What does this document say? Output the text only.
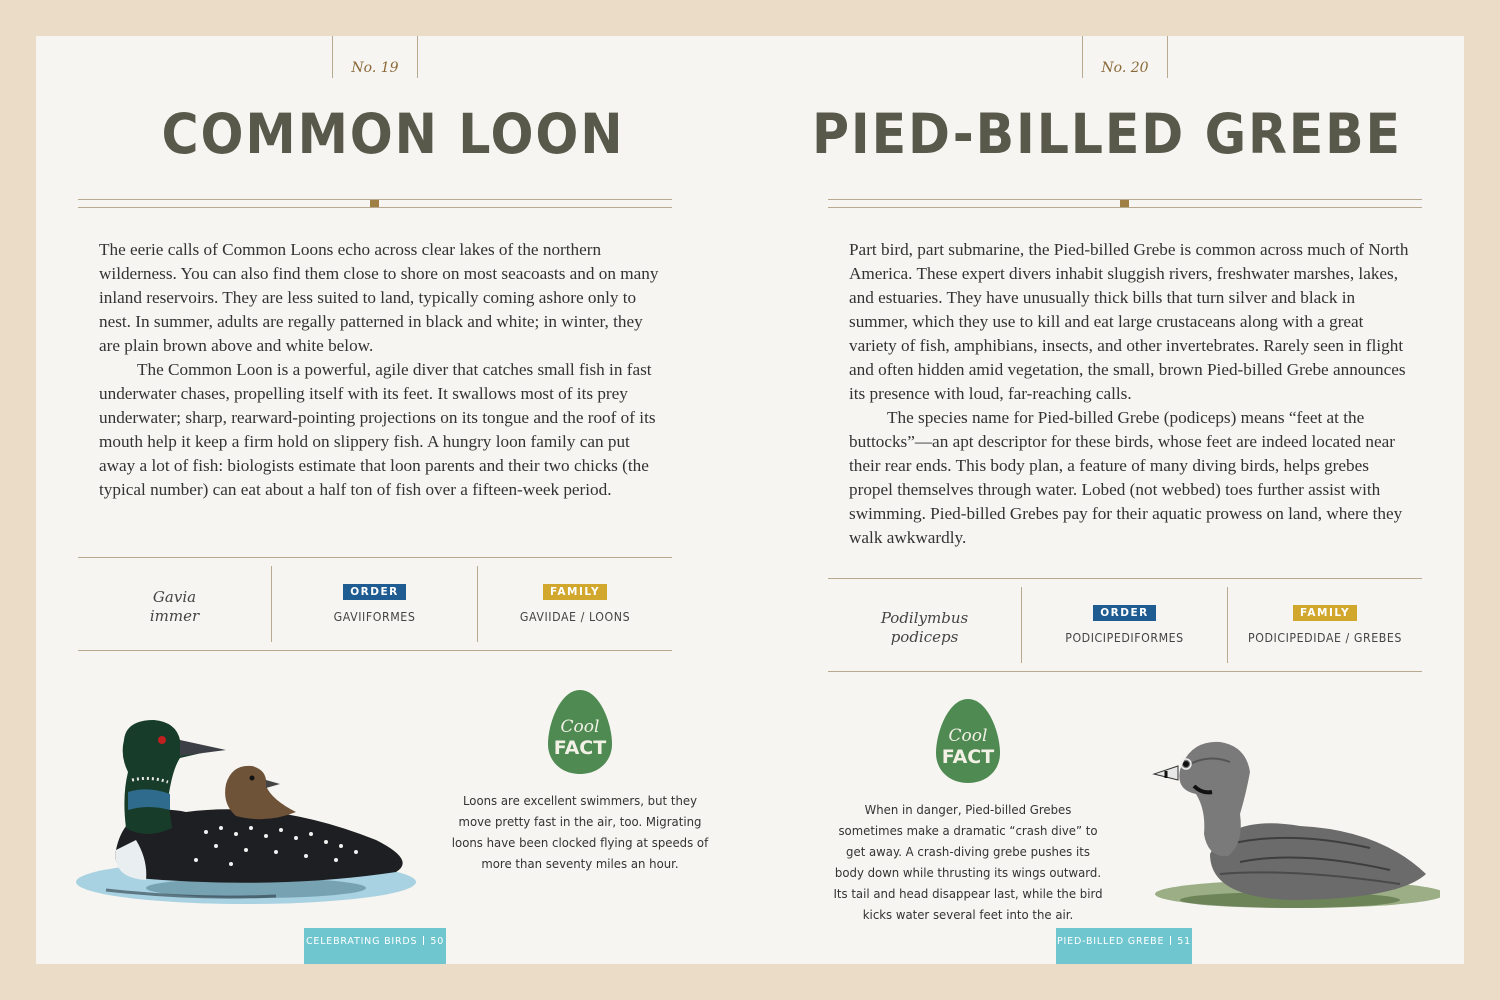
No. 19
COMMON LOON

The eerie calls of Common Loons echo across clear lakes of the northern wilderness. You can also find them close to shore on most seacoasts and on many inland reservoirs. They are less suited to land, typically coming ashore only to nest. In summer, adults are regally patterned in black and white; in winter, they are plain brown above and white below.

The Common Loon is a powerful, agile diver that catches small fish in fast underwater chases, propelling itself with its feet. It swallows most of its prey underwater; sharp, rearward-pointing projections on its tongue and the roof of its mouth help it keep a firm hold on slippery fish. A hungry loon family can put away a lot of fish: biologists estimate that loon parents and their two chicks (the typical number) can eat about a half ton of fish over a fifteen-week period.

Gavia
immer
ORDER
GAVIIFORMES
FAMILY
GAVIIDAE / LOONS
Cool
FACT
Loons are excellent swimmers, but they move pretty fast in the air, too. Migrating loons have been clocked flying at speeds of more than seventy miles an hour.
CELEBRATING BIRDS 50
No. 20
PIED-BILLED GREBE

Part bird, part submarine, the Pied-billed Grebe is common across much of North America. These expert divers inhabit sluggish rivers, freshwater marshes, lakes, and estuaries. They have unusually thick bills that turn silver and black in summer, which they use to kill and eat large crustaceans along with a great variety of fish, amphibians, insects, and other invertebrates. Rarely seen in flight and often hidden amid vegetation, the small, brown Pied-billed Grebe announces its presence with loud, far-reaching calls.

The species name for Pied-billed Grebe (podiceps) means “feet at the buttocks”—an apt descriptor for these birds, whose feet are indeed located near their rear ends. This body plan, a feature of many diving birds, helps grebes propel themselves through water. Lobed (not webbed) toes further assist with swimming. Pied-billed Grebes pay for their aquatic prowess on land, where they walk awkwardly.

Podilymbus
podiceps
ORDER
PODICIPEDIFORMES
FAMILY
PODICIPEDIDAE / GREBES
Cool
FACT
When in danger, Pied-billed Grebes sometimes make a dramatic “crash dive” to get away. A crash-diving grebe pushes its body down while thrusting its wings outward. Its tail and head disappear last, while the bird kicks water several feet into the air.
PIED-BILLED GREBE 51
